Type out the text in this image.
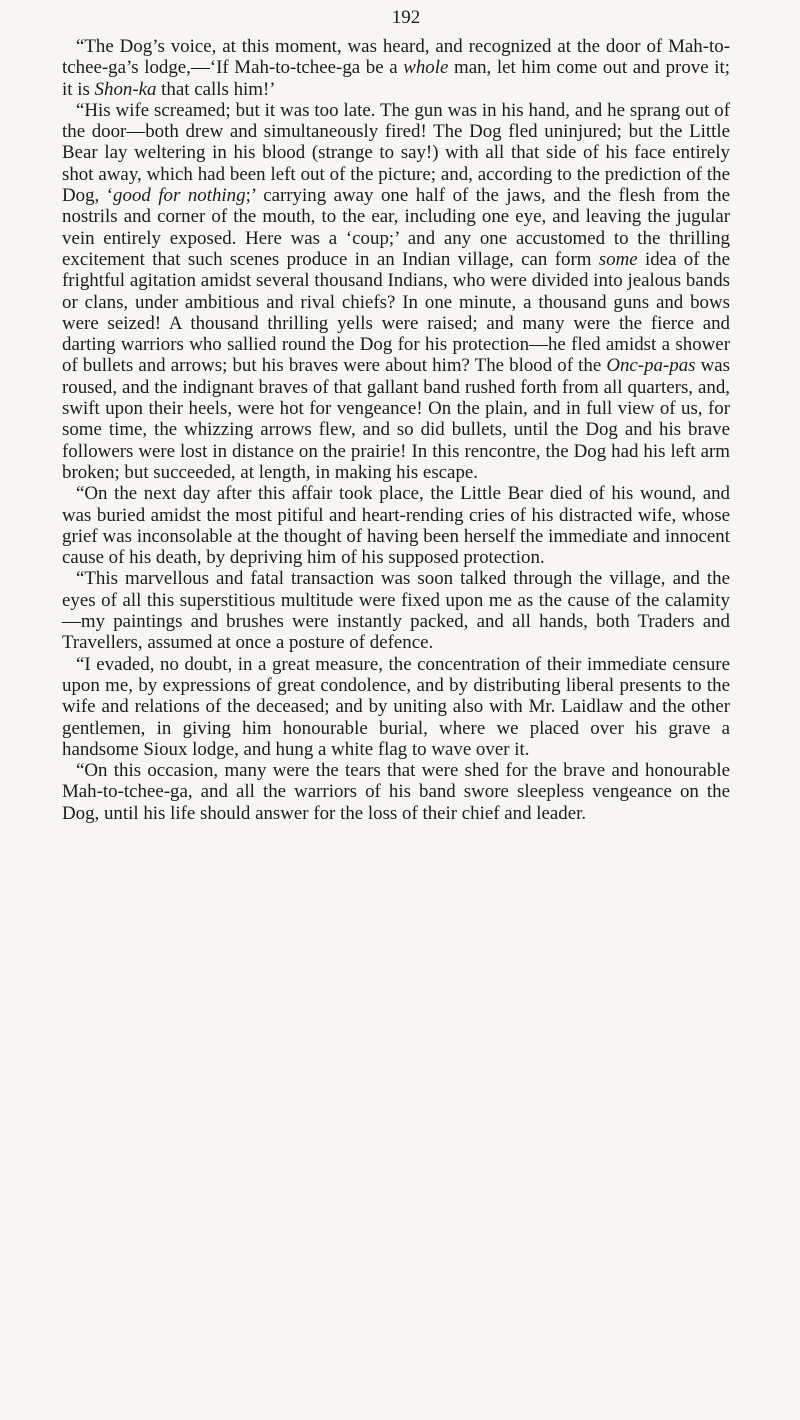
192

“The Dog’s voice, at this moment, was heard, and recognized at the door of Mah-to-tchee-ga’s lodge,—‘If Mah-to-tchee-ga be a whole man, let him come out and prove it; it is Shon-ka that calls him!’

“His wife screamed; but it was too late. The gun was in his hand, and he sprang out of the door—both drew and simultaneously fired! The Dog fled uninjured; but the Little Bear lay weltering in his blood (strange to say!) with all that side of his face entirely shot away, which had been left out of the picture; and, according to the prediction of the Dog, ‘good for nothing;’ carrying away one half of the jaws, and the flesh from the nostrils and corner of the mouth, to the ear, including one eye, and leaving the jugular vein entirely exposed. Here was a ‘coup;’ and any one accustomed to the thrilling excitement that such scenes produce in an Indian village, can form some idea of the frightful agitation amidst several thousand Indians, who were divided into jealous bands or clans, under ambitious and rival chiefs? In one minute, a thousand guns and bows were seized! A thousand thrilling yells were raised; and many were the fierce and darting warriors who sallied round the Dog for his protection—he fled amidst a shower of bullets and arrows; but his braves were about him? The blood of the Onc-pa-pas was roused, and the indignant braves of that gallant band rushed forth from all quarters, and, swift upon their heels, were hot for vengeance! On the plain, and in full view of us, for some time, the whizzing arrows flew, and so did bullets, until the Dog and his brave followers were lost in distance on the prairie! In this rencontre, the Dog had his left arm broken; but succeeded, at length, in making his escape.

“On the next day after this affair took place, the Little Bear died of his wound, and was buried amidst the most pitiful and heart-rending cries of his distracted wife, whose grief was inconsolable at the thought of having been herself the immediate and innocent cause of his death, by depriving him of his supposed protection.

“This marvellous and fatal transaction was soon talked through the village, and the eyes of all this superstitious multitude were fixed upon me as the cause of the calamity—my paintings and brushes were instantly packed, and all hands, both Traders and Travellers, assumed at once a posture of defence.

“I evaded, no doubt, in a great measure, the concentration of their immediate censure upon me, by expressions of great condolence, and by distributing liberal presents to the wife and relations of the deceased; and by uniting also with Mr. Laidlaw and the other gentlemen, in giving him honourable burial, where we placed over his grave a handsome Sioux lodge, and hung a white flag to wave over it.

“On this occasion, many were the tears that were shed for the brave and honourable Mah-to-tchee-ga, and all the warriors of his band swore sleepless vengeance on the Dog, until his life should answer for the loss of their chief and leader.
